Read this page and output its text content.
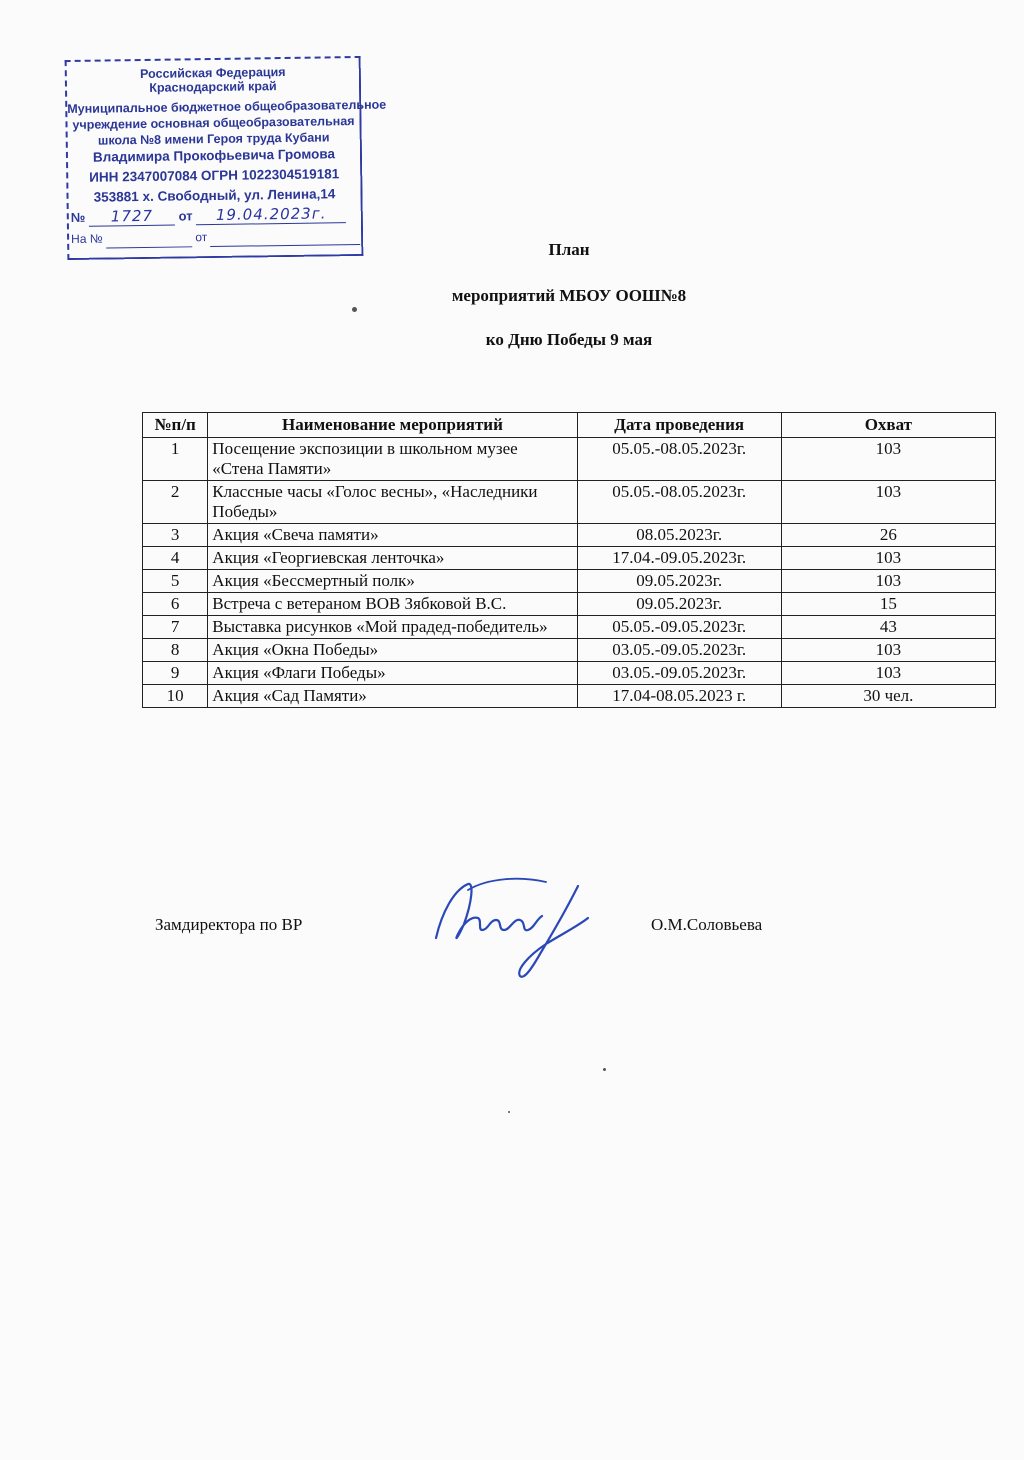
Российская Федерация
Краснодарский край
Муниципальное бюджетное общеобразовательное
учреждение основная общеобразовательная
школа №8 имени Героя труда Кубани
Владимира Прокофьевича Громова
ИНН 2347007084 ОГРН 1022304519181
353881 х. Свободный, ул. Ленина,14
№ 1727 от 19.04.2023г.
На №	от
План
мероприятий МБОУ ООШ№8
ко Дню Победы 9 мая
№п/п	Наименование мероприятий	Дата проведения	Охват
1	Посещение экспозиции в школьном музее «Стена Памяти»	05.05.-08.05.2023г.	103
2	Классные часы «Голос весны», «Наследники Победы»	05.05.-08.05.2023г.	103
3	Акция «Свеча памяти»	08.05.2023г.	26
4	Акция «Георгиевская ленточка»	17.04.-09.05.2023г.	103
5	Акция «Бессмертный полк»	09.05.2023г.	103
6	Встреча с ветераном ВОВ Зябковой В.С.	09.05.2023г.	15
7	Выставка рисунков «Мой прадед-победитель»	05.05.-09.05.2023г.	43
8	Акция «Окна Победы»	03.05.-09.05.2023г.	103
9	Акция «Флаги Победы»	03.05.-09.05.2023г.	103
10	Акция «Сад Памяти»	17.04-08.05.2023 г.	30 чел.
Замдиректора по ВР	О.М.Соловьева
